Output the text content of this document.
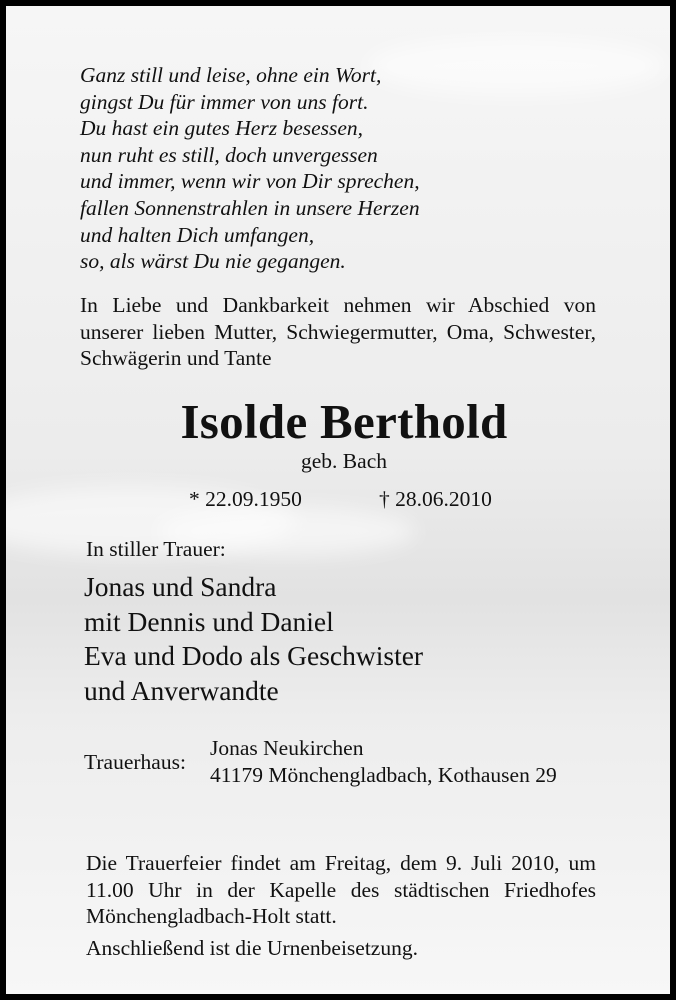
Ganz still und leise, ohne ein Wort,
gingst Du für immer von uns fort.
Du hast ein gutes Herz besessen,
nun ruht es still, doch unvergessen
und immer, wenn wir von Dir sprechen,
fallen Sonnenstrahlen in unsere Herzen
und halten Dich umfangen,
so, als wärst Du nie gegangen.
In Liebe und Dankbarkeit nehmen wir Abschied von unserer lieben Mutter, Schwiegermutter, Oma, Schwester, Schwägerin und Tante
Isolde Berthold
geb. Bach
* 22.09.1950	† 28.06.2010
In stiller Trauer:
Jonas und Sandra
mit Dennis und Daniel
Eva und Dodo als Geschwister
und Anverwandte
Trauerhaus:
Jonas Neukirchen
41179 Mönchengladbach, Kothausen 29
Die Trauerfeier findet am Freitag, dem 9. Juli 2010, um 11.00 Uhr in der Kapelle des städtischen Friedhofes Mönchengladbach-Holt statt.
Anschließend ist die Urnenbeisetzung.
